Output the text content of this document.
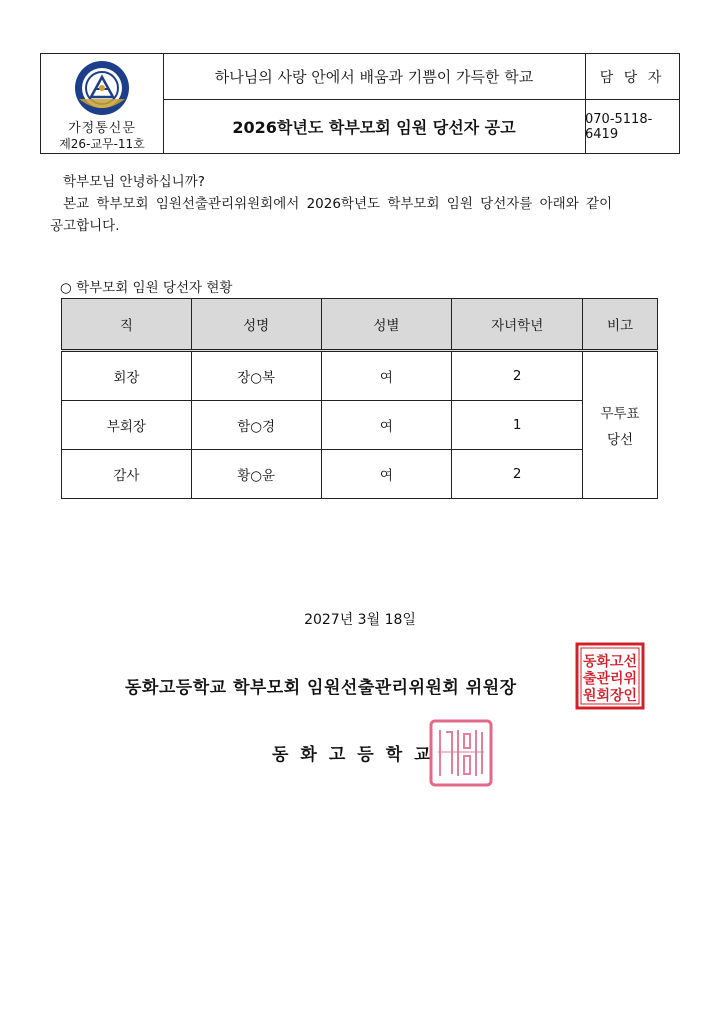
가정통신문
제26-교무-11호
하나님의 사랑 안에서 배움과 기쁨이 가득한 학교
2026학년도 학부모회 임원 당선자 공고
담 당 자
070-5118-6419
학부모님 안녕하십니까?
본교 학부모회 임원선출관리위원회에서 2026학년도 학부모회 임원 당선자를 아래와 같이
공고합니다.
○ 학부모회 임원 당선자 현황
직	성명	성별	자녀학년	비고
회장	장○복	여	2	무투표
당선

부회장	함○경	여	1	
감사	황○윤	여	2	
2027년 3월 18일
동화고등학교 학부모회 임원선출관리위원회 위원장
동화고선
출관리위
원회장인
동화고등학교
